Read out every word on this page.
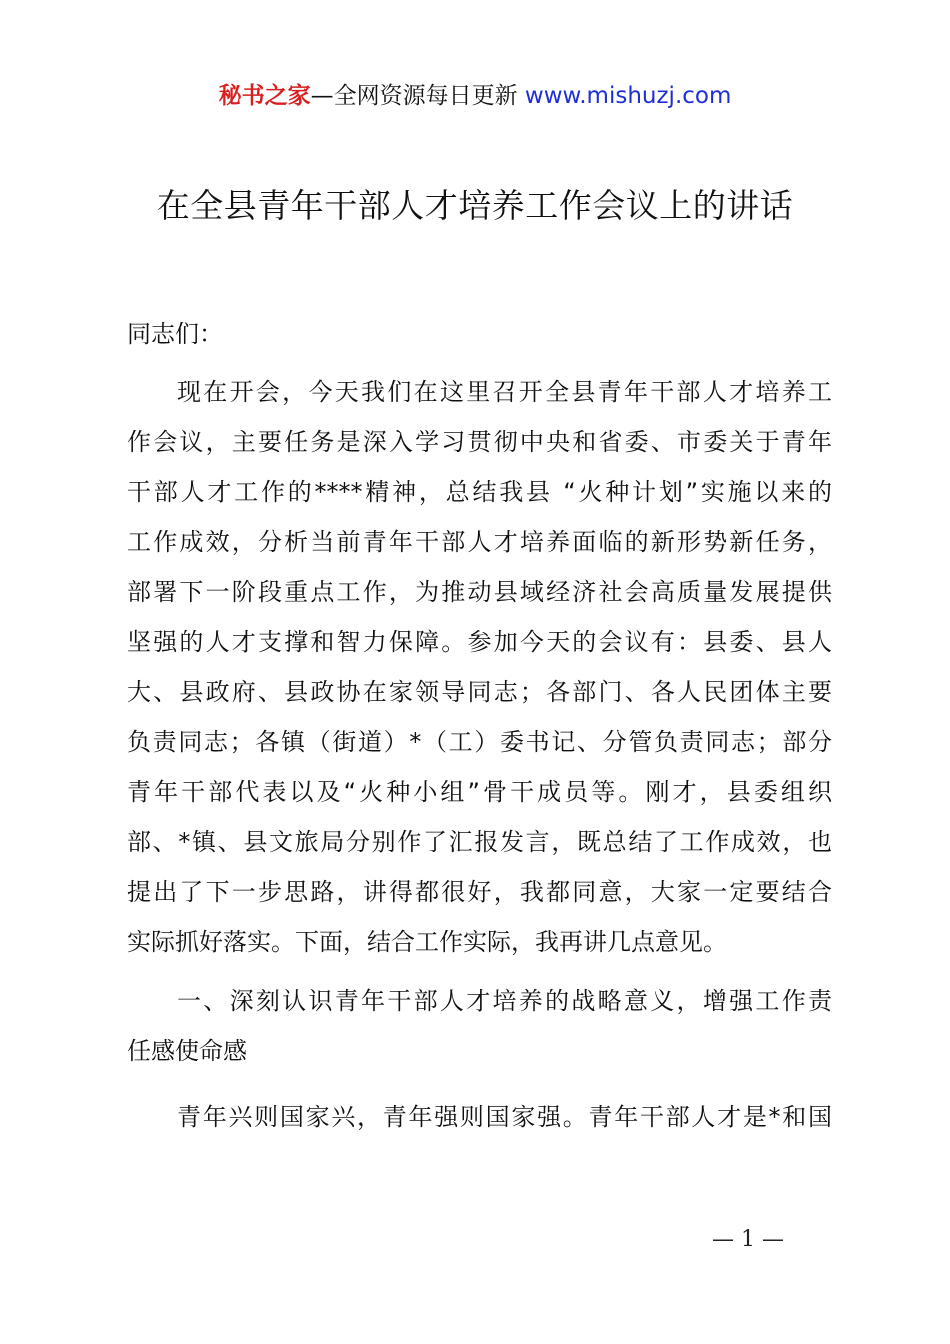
秘书之家—全网资源每日更新 www.mishuzj.com
在全县青年干部人才培养工作会议上的讲话
同志们：
现在开会，今天我们在这里召开全县青年干部人才培养工
作会议，主要任务是深入学习贯彻中央和省委、市委关于青年
干部人才工作的****精神，总结我县 “火种计划”实施以来的
工作成效，分析当前青年干部人才培养面临的新形势新任务，
部署下一阶段重点工作，为推动县域经济社会高质量发展提供
坚强的人才支撑和智力保障。参加今天的会议有：县委、县人
大、县政府、县政协在家领导同志；各部门、各人民团体主要
负责同志；各镇（街道）*（工）委书记、分管负责同志；部分
青年干部代表以及“火种小组”骨干成员等。刚才，县委组织
部、*镇、县文旅局分别作了汇报发言，既总结了工作成效，也
提出了下一步思路，讲得都很好，我都同意，大家一定要结合
实际抓好落实。下面，结合工作实际，我再讲几点意见。
一、深刻认识青年干部人才培养的战略意义，增强工作责
任感使命感
青年兴则国家兴，青年强则国家强。青年干部人才是*和国
— 1 —
